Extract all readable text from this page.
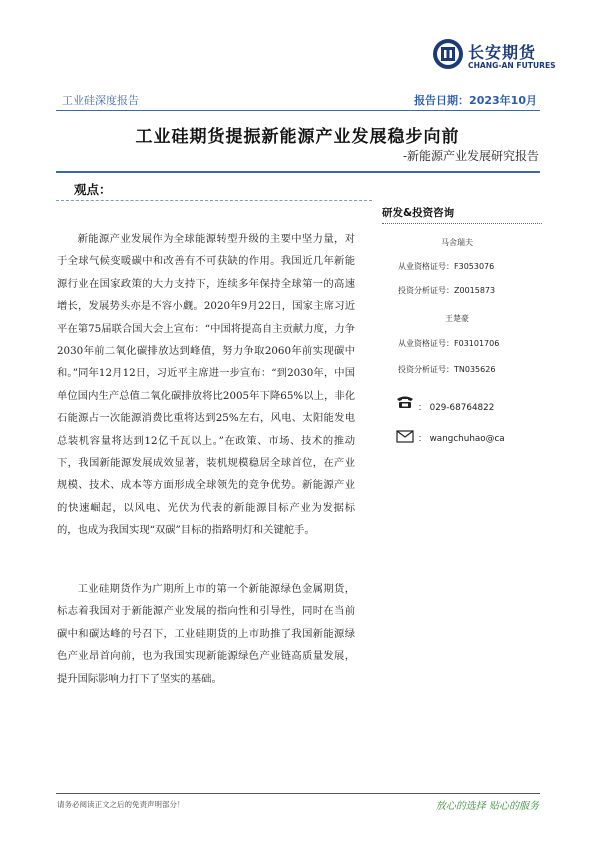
长安期货
CHANG-AN FUTURES
工业硅深度报告	报告日期：2023年10月
工业硅期货提振新能源产业发展稳步向前
-新能源产业发展研究报告
观点：
新能源产业发展作为全球能源转型升级的主要中坚力量，对于全球气候变暖碳中和改善有不可获缺的作用。我国近几年新能源行业在国家政策的大力支持下，连续多年保持全球第一的高速增长，发展势头亦是不容小觑。2020年9月22日，国家主席习近平在第75届联合国大会上宣布：“中国将提高自主贡献力度，力争2030年前二氧化碳排放达到峰值，努力争取2060年前实现碳中和。”同年12月12日，习近平主席进一步宣布：“到2030年，中国单位国内生产总值二氧化碳排放将比2005年下降65%以上，非化石能源占一次能源消费比重将达到25%左右，风电、太阳能发电总装机容量将达到12亿千瓦以上。”在政策、市场、技术的推动下，我国新能源发展成效显著，装机规模稳居全球首位，在产业规模、技术、成本等方面形成全球领先的竞争优势。新能源产业的快速崛起，以风电、光伏为代表的新能源目标产业为发据标的，也成为我国实现“双碳”目标的指路明灯和关键舵手。
工业硅期货作为广期所上市的第一个新能源绿色金属期货，标志着我国对于新能源产业发展的指向性和引导性，同时在当前碳中和碳达峰的号召下，工业硅期货的上市助推了我国新能源绿色产业昂首向前，也为我国实现新能源绿色产业链高质量发展，提升国际影响力打下了坚实的基础。
研发&投资咨询
马舍瑞夫
从业资格证号：F3053076
投资分析证号：Z0015873
王楚豪
从业资格证号：F03101706
投资分析证号：TN035626
： 029-68764822
： wangchuhao@ca
请务必阅读正文之后的免责声明部分！	放心的选择 贴心的服务
